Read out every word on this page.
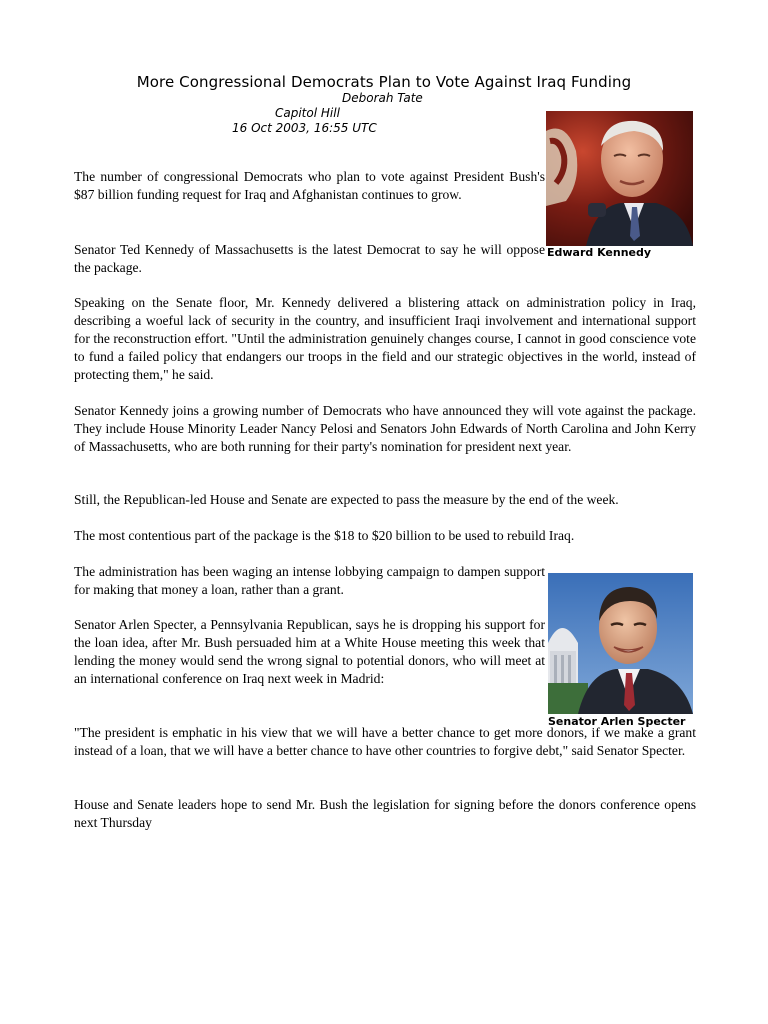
More Congressional Democrats Plan to Vote Against Iraq Funding
Deborah Tate
Capitol Hill
16 Oct 2003, 16:55 UTC
Edward Kennedy
Senator Arlen Specter

The number of congressional Democrats who plan to vote against President Bush's $87 billion funding request for Iraq and Afghanistan continues to grow.

Senator Ted Kennedy of Massachusetts is the latest Democrat to say he will oppose the package.

Speaking on the Senate floor, Mr. Kennedy delivered a blistering attack on administration policy in Iraq, describing a woeful lack of security in the country, and insufficient Iraqi involvement and international support for the reconstruction effort. "Until the administration genuinely changes course, I cannot in good conscience vote to fund a failed policy that endangers our troops in the field and our strategic objectives in the world, instead of protecting them," he said.

Senator Kennedy joins a growing number of Democrats who have announced they will vote against the package. They include House Minority Leader Nancy Pelosi and Senators John Edwards of North Carolina and John Kerry of Massachusetts, who are both running for their party's nomination for president next year.

Still, the Republican-led House and Senate are expected to pass the measure by the end of the week.

The most contentious part of the package is the $18 to $20 billion to be used to rebuild Iraq.

The administration has been waging an intense lobbying campaign to dampen support for making that money a loan, rather than a grant.

Senator Arlen Specter, a Pennsylvania Republican, says he is dropping his support for the loan idea, after Mr. Bush persuaded him at a White House meeting this week that lending the money would send the wrong signal to potential donors, who will meet at an international conference on Iraq next week in Madrid:

"The president is emphatic in his view that we will have a better chance to get more donors, if we make a grant instead of a loan, that we will have a better chance to have other countries to forgive debt," said Senator Specter.

House and Senate leaders hope to send Mr. Bush the legislation for signing before the donors conference opens next Thursday
